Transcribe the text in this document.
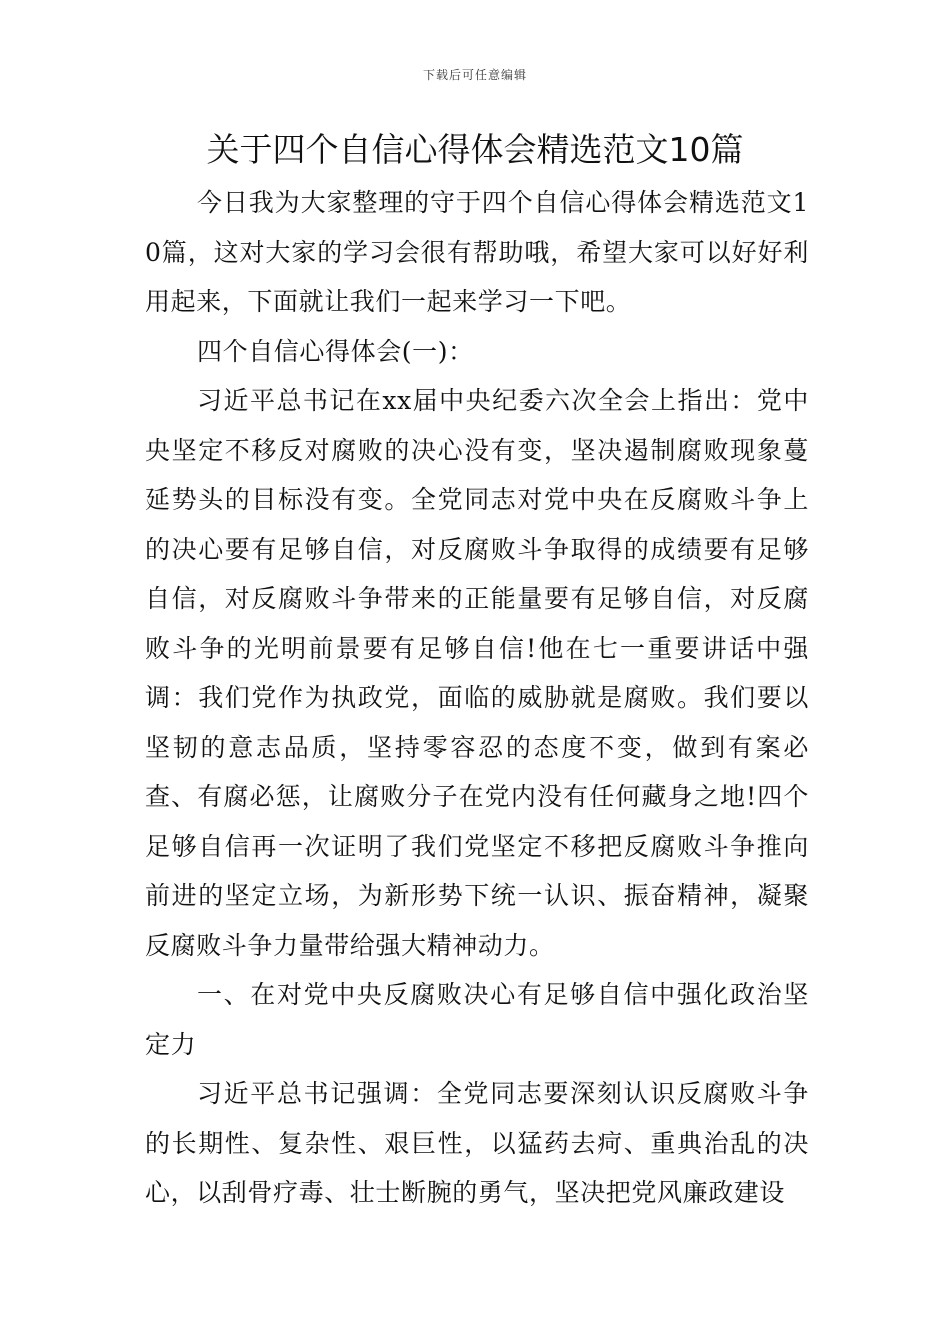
下载后可任意编辑
关于四个自信心得体会精选范文10篇

今日我为大家整理的守于四个自信心得体会精选范文10篇，这对大家的学习会很有帮助哦，希望大家可以好好利用起来，下面就让我们一起来学习一下吧。

四个自信心得体会(一)：

习近平总书记在xx届中央纪委六次全会上指出：党中央坚定不移反对腐败的决心没有变，坚决遏制腐败现象蔓延势头的目标没有变。全党同志对党中央在反腐败斗争上的决心要有足够自信，对反腐败斗争取得的成绩要有足够自信，对反腐败斗争带来的正能量要有足够自信，对反腐败斗争的光明前景要有足够自信!他在七一重要讲话中强调：我们党作为执政党，面临的威胁就是腐败。我们要以坚韧的意志品质，坚持零容忍的态度不变，做到有案必查、有腐必惩，让腐败分子在党内没有任何藏身之地!四个足够自信再一次证明了我们党坚定不移把反腐败斗争推向前进的坚定立场，为新形势下统一认识、振奋精神，凝聚反腐败斗争力量带给强大精神动力。

一、在对党中央反腐败决心有足够自信中强化政治坚定力

习近平总书记强调：全党同志要深刻认识反腐败斗争的长期性、复杂性、艰巨性，以猛药去疴、重典治乱的决心，以刮骨疗毒、壮士断腕的勇气，坚决把党风廉政建设
